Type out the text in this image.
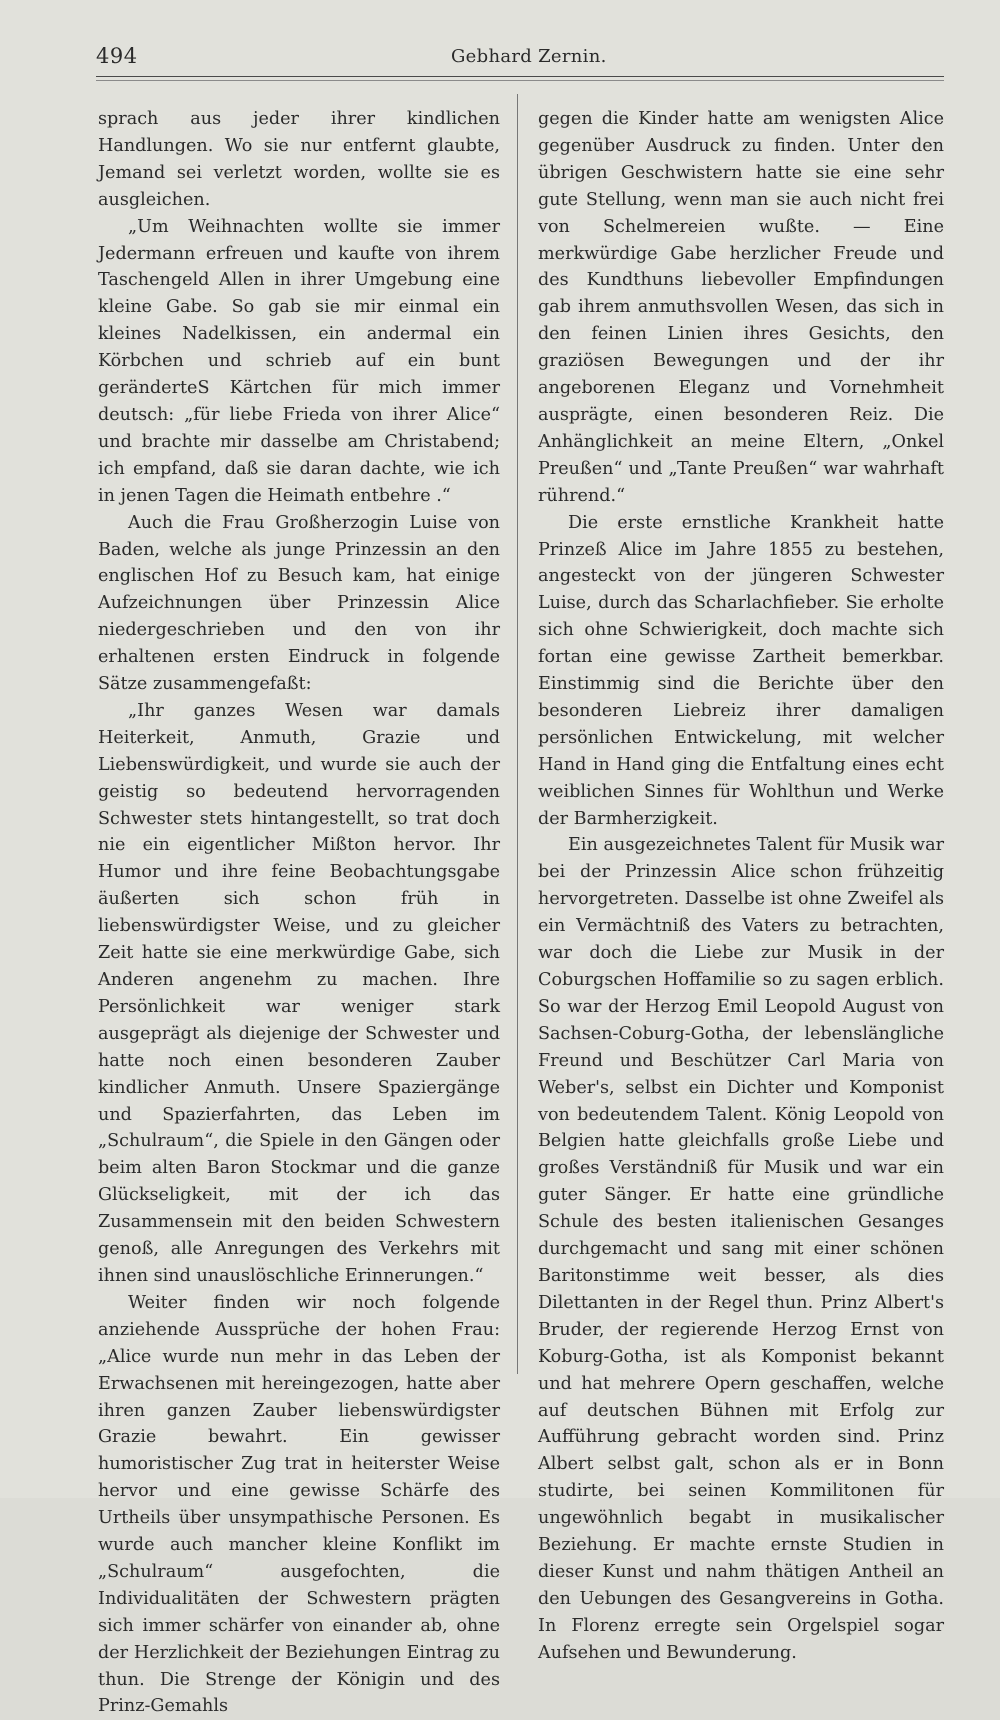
494	Gebhard Zernin.

sprach aus jeder ihrer kindlichen Handlungen. Wo sie nur entfernt glaubte, Jemand sei verletzt worden, wollte sie es ausgleichen.

„Um Weihnachten wollte sie immer Jedermann erfreuen und kaufte von ihrem Taschengeld Allen in ihrer Umgebung eine kleine Gabe. So gab sie mir einmal ein kleines Nadelkissen, ein andermal ein Körbchen und schrieb auf ein bunt geränderteS Kärtchen für mich immer deutsch: „für liebe Frieda von ihrer Alice“ und brachte mir dasselbe am Christabend; ich empfand, daß sie daran dachte, wie ich in jenen Tagen die Heimath entbehre .“

Auch die Frau Großherzogin Luise von Baden, welche als junge Prinzessin an den englischen Hof zu Besuch kam, hat einige Aufzeichnungen über Prinzessin Alice niedergeschrieben und den von ihr erhaltenen ersten Eindruck in folgende Sätze zusammengefaßt:

„Ihr ganzes Wesen war damals Heiterkeit, Anmuth, Grazie und Liebenswürdigkeit, und wurde sie auch der geistig so bedeutend hervorragenden Schwester stets hintangestellt, so trat doch nie ein eigentlicher Mißton hervor. Ihr Humor und ihre feine Beobachtungsgabe äußerten sich schon früh in liebenswürdigster Weise, und zu gleicher Zeit hatte sie eine merkwürdige Gabe, sich Anderen angenehm zu machen. Ihre Persönlichkeit war weniger stark ausgeprägt als diejenige der Schwester und hatte noch einen besonderen Zauber kindlicher Anmuth. Unsere Spaziergänge und Spazierfahrten, das Leben im „Schulraum“, die Spiele in den Gängen oder beim alten Baron Stockmar und die ganze Glückseligkeit, mit der ich das Zusammensein mit den beiden Schwestern genoß, alle Anregungen des Verkehrs mit ihnen sind unauslöschliche Erinnerungen.“

Weiter finden wir noch folgende anziehende Aussprüche der hohen Frau: „Alice wurde nun mehr in das Leben der Erwachsenen mit hereingezogen, hatte aber ihren ganzen Zauber liebenswürdigster Grazie bewahrt. Ein gewisser humoristischer Zug trat in heiterster Weise hervor und eine gewisse Schärfe des Urtheils über unsympathische Personen. Es wurde auch mancher kleine Konflikt im „Schulraum“ ausgefochten, die Individualitäten der Schwestern prägten sich immer schärfer von einander ab, ohne der Herzlichkeit der Beziehungen Eintrag zu thun. Die Strenge der Königin und des Prinz-Gemahls

gegen die Kinder hatte am wenigsten Alice gegenüber Ausdruck zu finden. Unter den übrigen Geschwistern hatte sie eine sehr gute Stellung, wenn man sie auch nicht frei von Schelmereien wußte. — Eine merkwürdige Gabe herzlicher Freude und des Kundthuns liebevoller Empfindungen gab ihrem anmuthsvollen Wesen, das sich in den feinen Linien ihres Gesichts, den graziösen Bewegungen und der ihr angeborenen Eleganz und Vornehmheit ausprägte, einen besonderen Reiz. Die Anhänglichkeit an meine Eltern, „Onkel Preußen“ und „Tante Preußen“ war wahrhaft rührend.“

Die erste ernstliche Krankheit hatte Prinzeß Alice im Jahre 1855 zu bestehen, angesteckt von der jüngeren Schwester Luise, durch das Scharlachfieber. Sie erholte sich ohne Schwierigkeit, doch machte sich fortan eine gewisse Zartheit bemerkbar. Einstimmig sind die Berichte über den besonderen Liebreiz ihrer damaligen persönlichen Entwickelung, mit welcher Hand in Hand ging die Entfaltung eines echt weiblichen Sinnes für Wohlthun und Werke der Barmherzigkeit.

Ein ausgezeichnetes Talent für Musik war bei der Prinzessin Alice schon frühzeitig hervorgetreten. Dasselbe ist ohne Zweifel als ein Vermächtniß des Vaters zu betrachten, war doch die Liebe zur Musik in der Coburgschen Hoffamilie so zu sagen erblich. So war der Herzog Emil Leopold August von Sachsen-Coburg-Gotha, der lebenslängliche Freund und Beschützer Carl Maria von Weber's, selbst ein Dichter und Komponist von bedeutendem Talent. König Leopold von Belgien hatte gleichfalls große Liebe und großes Verständniß für Musik und war ein guter Sänger. Er hatte eine gründliche Schule des besten italienischen Gesanges durchgemacht und sang mit einer schönen Baritonstimme weit besser, als dies Dilettanten in der Regel thun. Prinz Albert's Bruder, der regierende Herzog Ernst von Koburg-Gotha, ist als Komponist bekannt und hat mehrere Opern geschaffen, welche auf deutschen Bühnen mit Erfolg zur Aufführung gebracht worden sind. Prinz Albert selbst galt, schon als er in Bonn studirte, bei seinen Kommilitonen für ungewöhnlich begabt in musikalischer Beziehung. Er machte ernste Studien in dieser Kunst und nahm thätigen Antheil an den Uebungen des Gesangvereins in Gotha. In Florenz erregte sein Orgelspiel sogar Aufsehen und Bewunderung.
